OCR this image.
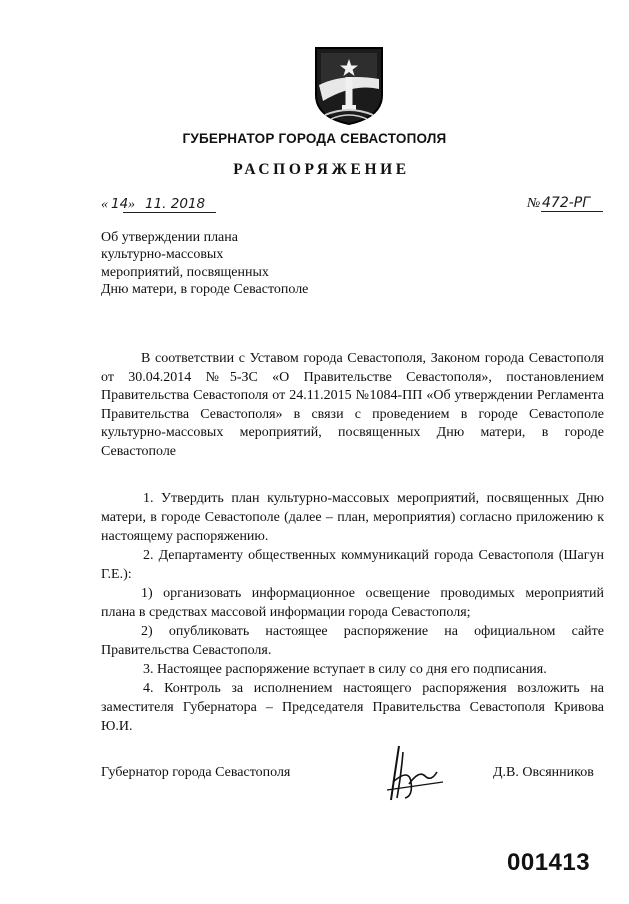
ГУБЕРНАТОР ГОРОДА СЕВАСТОПОЛЯ
РАСПОРЯЖЕНИЕ
« 14 » 11. 2018	№ 472-РГ
Об утверждении плана
культурно-массовых
мероприятий, посвященных
Дню матери, в городе Севастополе
В соответствии с Уставом города Севастополя, Законом города Севастополя от 30.04.2014 №5-ЗС «О Правительстве Севастополя», постановлением Правительства Севастополя от 24.11.2015 №1084-ПП «Об утверждении Регламента Правительства Севастополя» в связи с проведением в городе Севастополе культурно-массовых мероприятий, посвященных Дню матери, в городе Севастополе
1. Утвердить план культурно-массовых мероприятий, посвященных Дню матери, в городе Севастополе (далее – план, мероприятия) согласно приложению к настоящему распоряжению.
2. Департаменту общественных коммуникаций города Севастополя (Шагун Г.Е.):
1) организовать информационное освещение проводимых мероприятий плана в средствах массовой информации города Севастополя;
2) опубликовать настоящее распоряжение на официальном сайте Правительства Севастополя.
3. Настоящее распоряжение вступает в силу со дня его подписания.
4. Контроль за исполнением настоящего распоряжения возложить на заместителя Губернатора – Председателя Правительства Севастополя Кривова Ю.И.
Губернатор города Севастополя	Д.В. Овсянников
001413
